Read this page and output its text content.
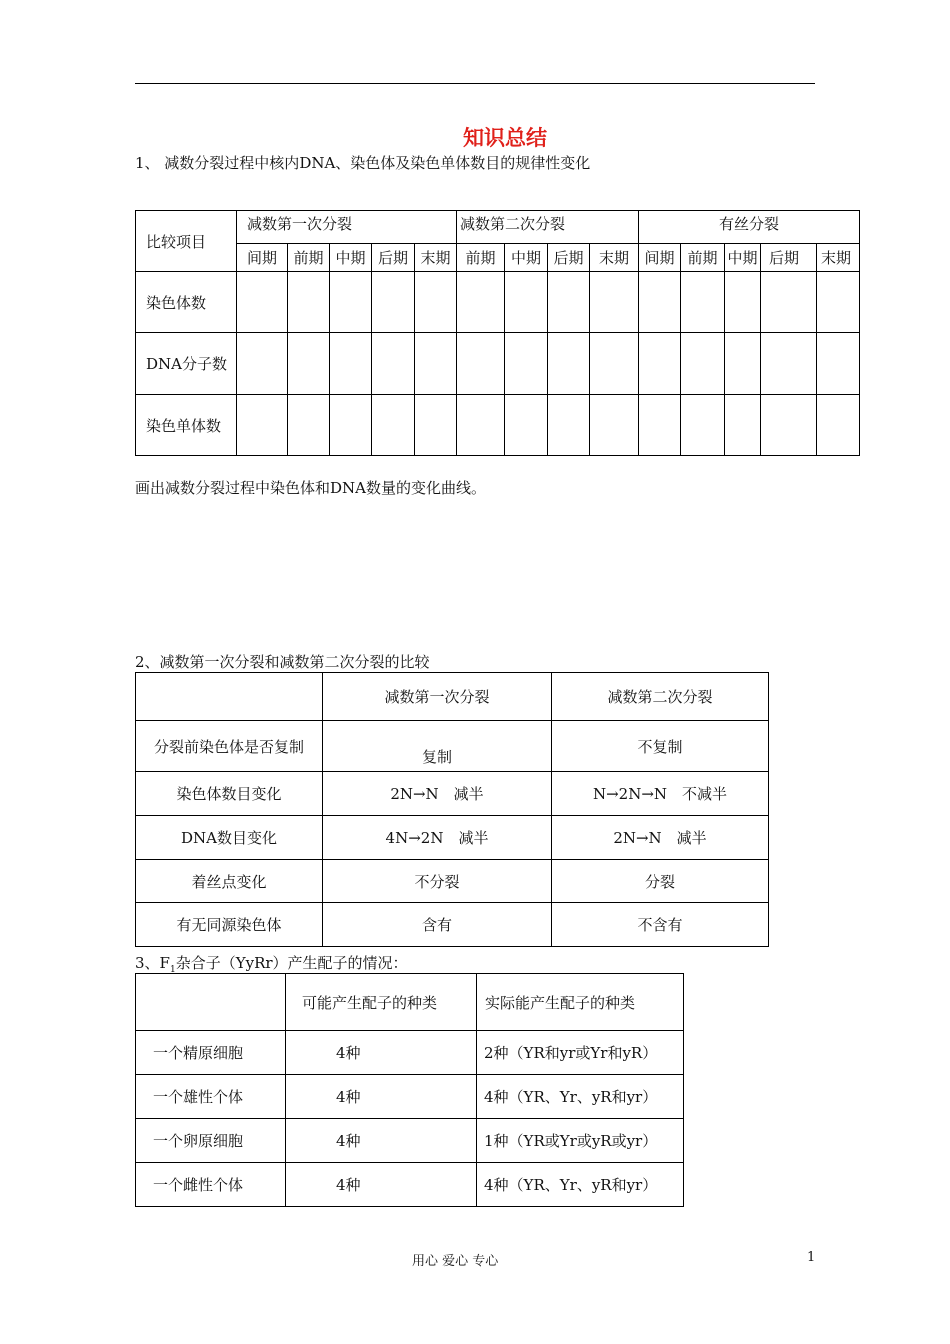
知识总结
1、 减数分裂过程中核内DNA、染色体及染色单体数目的规律性变化
比较项目	减数第一次分裂					减数第二次分裂				有丝分裂				
	间期	前期	中期	后期	末期	前期	中期	后期	末期	间期	前期	中期	后期	末期
染色体数														
DNA分子数														
染色单体数														
画出减数分裂过程中染色体和DNA数量的变化曲线。
2、减数第一次分裂和减数第二次分裂的比较
	减数第一次分裂	减数第二次分裂
分裂前染色体是否复制	复制	不复制
染色体数目变化	2N→N　减半	N→2N→N　不减半
DNA数目变化	4N→2N　减半	2N→N　减半
着丝点变化	不分裂	分裂
有无同源染色体	含有	不含有
3、$F_1$杂合子（YyRr）产生配子的情况：
	可能产生配子的种类	实际能产生配子的种类
一个精原细胞	4种	2种（YR和yr或Yr和yR）
一个雄性个体	4种	4种（YR、Yr、yR和yr）
一个卵原细胞	4种	1种（YR或Yr或yR或yr）
一个雌性个体	4种	4种（YR、Yr、yR和yr）
用心 爱心 专心	1
